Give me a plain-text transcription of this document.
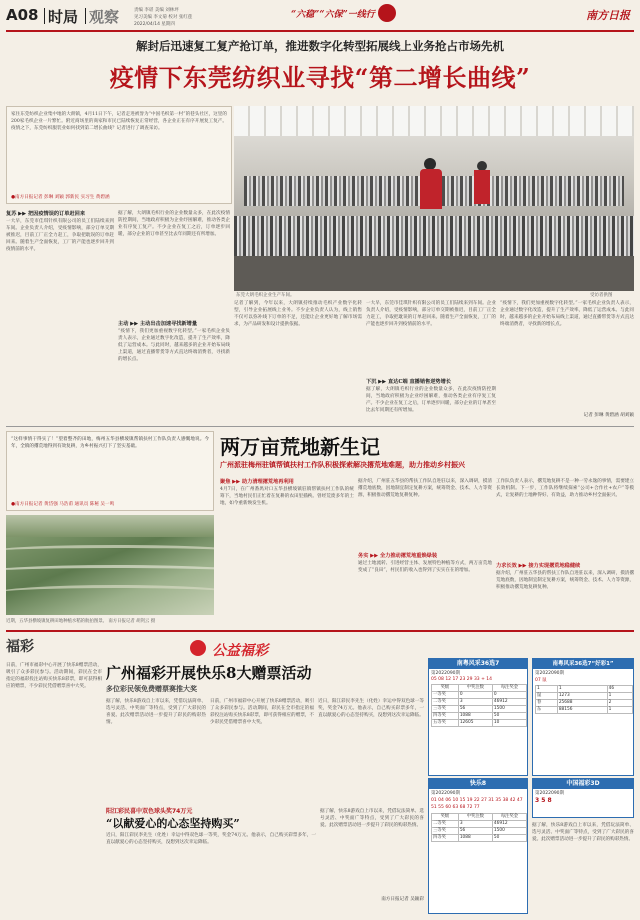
A08 时局 观察	责编 李谌 美编 刘林坪
见习美编 李文菊 校对 张红莲
2022/04/14 星期四
“六稳”“六保”一线行	南方日报
解封后迅速复工复产抢订单，推进数字化转型拓展线上业务抢占市场先机
疫情下东莞纺织业寻找“第二增长曲线”
家住东莞纺织企业集中地的大朗镇，4月11日下午，记者走进被誉为“中国毛织第一村”的巷头社区，这里的200家毛织企业一片繁忙。附近商场里的商家和市民已陆续恢复正常经营，各企业正在有序开展复工复产。疫情之下，东莞纺织服装业如何找到第二增长曲线？记者进行了调查采访。
●南方日报记者 彭琳 刘颖 郭新民 实习生 黄碧涵
东莞大朗毛织企业生产车间。	受访者供图
复苏 ▶▶ 把因疫情误的订单赶回来
一大早，东莞市佳琪针织有限公司的员工们陆续来到车间。企业负责人介绍，受疫情影响，部分订单交期被推迟，目前工厂正全力赶工，争取把耽误的订单赶回来。随着生产全面恢复，工厂的产能也逐步回升到疫情前的水平。
据了解，大朗镇毛织行业的企业数量众多，在此次疫情防控期间，当地政府积极为企业纾困解难，推动各类企业有序复工复产。不少企业在复工之后，订单逐步回暖，部分企业的订单甚至比去年同期还有所增加。
主动 ▶▶ 主动出击加速寻找新增量
“疫情下，我们更加重视数字化转型。”一家毛织企业负责人表示，企业通过数字化改造，提升了生产效率，降低了运营成本。与此同时，越来越多的企业开始布局线上渠道，通过直播带货等方式直达终端消费者，寻找新的增长点。
记者了解到，今年以来，大朗镇持续推动毛织产业数字化转型，引导企业拓展线上业务。不少企业负责人认为，线上销售不仅可以弥补线下订单的不足，还能让企业更好地了解市场需求，为产品研发和设计提供依据。
一大早，东莞市佳琪针织有限公司的员工们陆续来到车间。企业负责人介绍，受疫情影响，部分订单交期被推迟，目前工厂正全力赶工，争取把耽误的订单赶回来。随着生产全面恢复，工厂的产能也逐步回升到疫情前的水平。
下沉 ▶▶ 直达C端 直播销售逆势增长
据了解，大朗镇毛织行业的企业数量众多，在此次疫情防控期间，当地政府积极为企业纾困解难，推动各类企业有序复工复产。不少企业在复工之后，订单逐步回暖，部分企业的订单甚至比去年同期还有所增加。
“疫情下，我们更加重视数字化转型。”一家毛织企业负责人表示，企业通过数字化改造，提升了生产效率，降低了运营成本。与此同时，越来越多的企业开始布局线上渠道，通过直播带货等方式直达终端消费者，寻找新的增长点。
记者 彭琳 黄碧涵 胡刘颖
“这样事情干得实了！”望着整齐的田地，梅州五华县横坡镇帮镇扶村工作队负责人感慨地说。今年，全镇的撂荒地得到有效复耕，为乡村振兴打下了坚实基础。
●南方日报记者 黄岱强 马浩甫 通讯员 陈秘 吴一鸣
两万亩荒地新生记
广州派驻梅州驻镇帮镇扶村工作队积极探索解决撂荒地难题，助力推动乡村振兴
近期，五华县横坡镇复耕田地种植水稻的航拍图景。 南方日报记者 胡剑云 摄
聚焦 ▶▶ 助力清理撂荒地再利用
4月7日，在广州番禺对口五华县横坡镇驻镇帮镇扶村工作队的统筹下，当地村民们正忙着在复耕的农田里插秧。曾经荒废多年的土地，如今重新焕发生机。
据介绍，广州驻五华县的帮扶工作队自进驻以来，深入调研，摸清撂荒地底数，因地制宜制定复耕方案，统筹资金、技术、人力等资源，积极推动撂荒地复耕复种。
务实 ▶▶ 全力推动撂荒地重焕绿装
通过土地流转、引进经营主体、发展特色种植等方式，两万亩荒地变成了“良田”，村民们的收入也得到了实实在在的增加。
工作队负责人表示，撂荒地复耕不是一种一劳永逸的事情，需要建立长效机制。下一步，工作队将继续探索“公司+合作社+农户”等模式，让复耕的土地种得好、有效益，助力推动乡村全面振兴。
力求长效 ▶▶ 接力实现撂荒地稳健续
据介绍，广州驻五华县的帮扶工作队自进驻以来，深入调研，摸清撂荒地底数，因地制宜制定复耕方案，统筹资金、技术、人力等资源，积极推动撂荒地复耕复种。
福彩	公益福彩
日前，广州市福彩中心开展了快乐8赠票活动，吸引了众多彩民参与。活动期间，彩民在全市指定的福彩投注站购买快乐8彩票，即可获得相应的赠票，不少彩民凭借赠票喜中大奖。
广州福彩开展快乐8大赠票活动
多位彩民领免费赠票赛推大奖
据了解，快乐8游戏自上市以来，凭借玩法简单、选号灵活、中奖面广等特点，受到了广大彩民的喜爱。此次赠票活动进一步提升了彩民的购彩热情。
日前，广州市福彩中心开展了快乐8赠票活动，吸引了众多彩民参与。活动期间，彩民在全市指定的福彩投注站购买快乐8彩票，即可获得相应的赠票，不少彩民凭借赠票喜中大奖。
近日，阳江彩民李先生（化姓）幸运中得双色球一等奖，奖金74万元。他表示，自己购买彩票多年，一直以献爱心的心态坚持购买，没想到这次幸运降临。
阳江彩民喜中双色球头奖74万元
“以献爱心的心态坚持购买”
近日，阳江彩民李先生（化姓）幸运中得双色球一等奖，奖金74万元。他表示，自己购买彩票多年，一直以献爱心的心态坚持购买，没想到这次幸运降临。
据了解，快乐8游戏自上市以来，凭借玩法简单、选号灵活、中奖面广等特点，受到了广大彩民的喜爱。此次赠票活动进一步提升了彩民的购彩热情。
南方日报记者 吴颖彩
南粤风采36选7
第2022090期
05 08 12 17 23 29 33 + 14
奖级	中奖注数	每注奖金
一等奖	0	0
二等奖	3	46912
三等奖	56	1500
四等奖	1088	50
五等奖	12605	10
南粤风采36选7“好彩1”
第2022090期
07 鼠
1	1	46
鼠	1273	1
春	25688	2
东	88156	1
中国福彩3D
第2022090期
3 5 8
快乐8
第2022090期
01 04 06 10 15 19 22 27 31 35 38 42 47 51 55 60 63 68 72 77
奖级	中奖注数	每注奖金
二等奖	3	46912
三等奖	56	1500
四等奖	1088	50
据了解，快乐8游戏自上市以来，凭借玩法简单、选号灵活、中奖面广等特点，受到了广大彩民的喜爱。此次赠票活动进一步提升了彩民的购彩热情。
